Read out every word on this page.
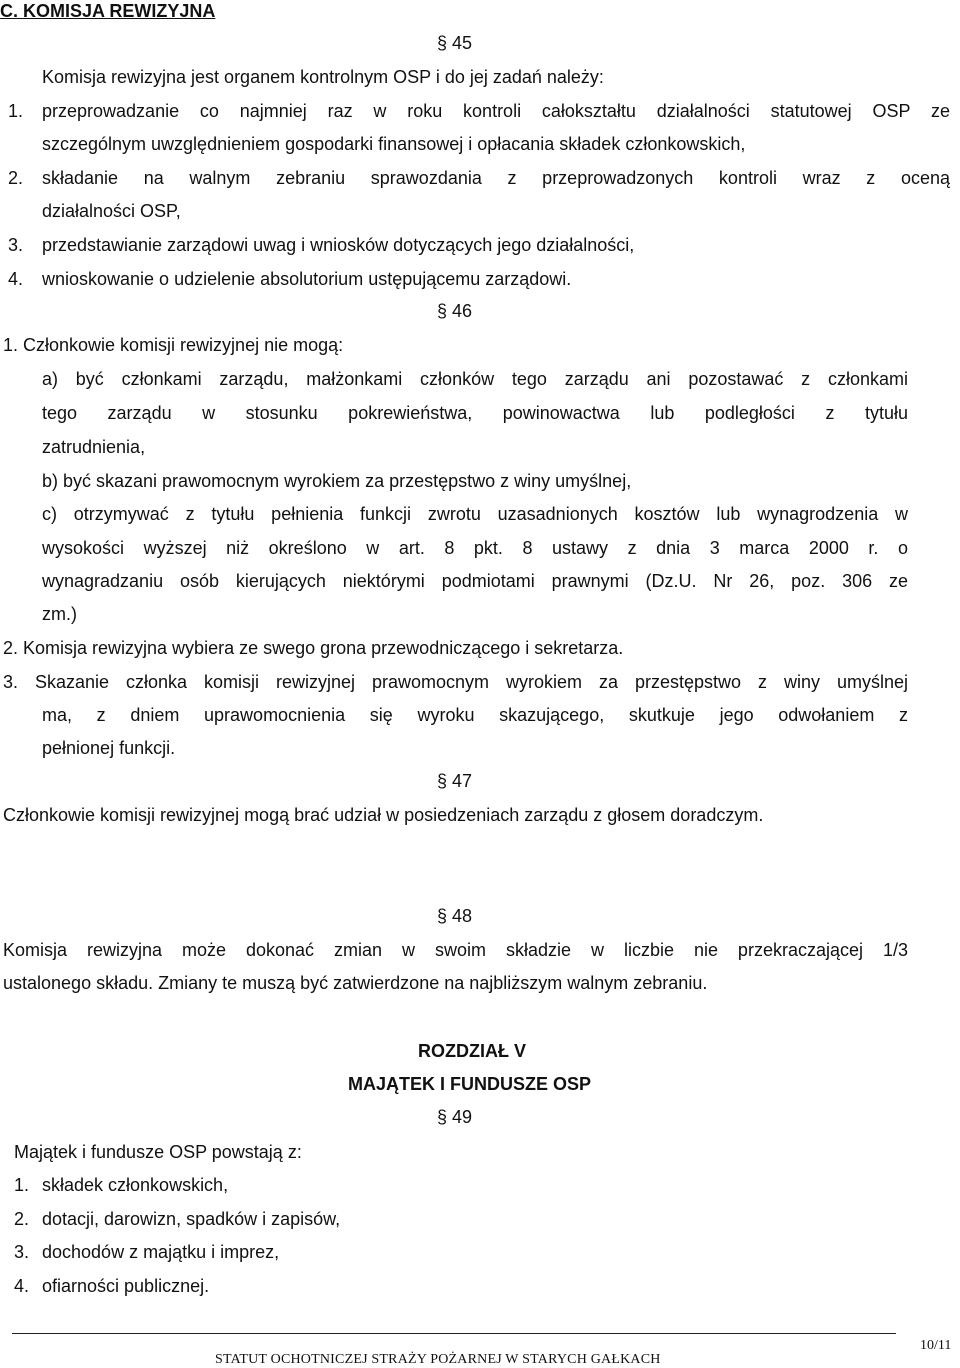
C. KOMISJA REWIZYJNA
§ 45
Komisja rewizyjna jest organem kontrolnym OSP i do jej zadań należy:
1.	przeprowadzanie co najmniej raz w roku kontroli całokształtu działalności statutowej OSP ze
szczególnym uwzględnieniem gospodarki finansowej i opłacania składek członkowskich,
2.	składanie na walnym zebraniu sprawozdania z przeprowadzonych kontroli wraz z oceną
działalności OSP,
3.	przedstawianie zarządowi uwag i wniosków dotyczących jego działalności,
4.	wnioskowanie o udzielenie absolutorium ustępującemu zarządowi.
§ 46
1. Członkowie komisji rewizyjnej nie mogą:
a) być członkami zarządu, małżonkami członków tego zarządu ani pozostawać z członkami
tego zarządu w stosunku pokrewieństwa, powinowactwa lub podległości z tytułu
zatrudnienia,
b) być skazani prawomocnym wyrokiem za przestępstwo z winy umyślnej,
c) otrzymywać z tytułu pełnienia funkcji zwrotu uzasadnionych kosztów lub wynagrodzenia w
wysokości wyższej niż określono w art. 8 pkt. 8 ustawy z dnia 3 marca 2000 r. o
wynagradzaniu osób kierujących niektórymi podmiotami prawnymi (Dz.U. Nr 26, poz. 306 ze
zm.)
2. Komisja rewizyjna wybiera ze swego grona przewodniczącego i sekretarza.
3. Skazanie członka komisji rewizyjnej prawomocnym wyrokiem za przestępstwo z winy umyślnej
ma, z dniem uprawomocnienia się wyroku skazującego, skutkuje jego odwołaniem z
pełnionej funkcji.
§ 47
Członkowie komisji rewizyjnej mogą brać udział w posiedzeniach zarządu z głosem doradczym.
§ 48
Komisja rewizyjna może dokonać zmian w swoim składzie w liczbie nie przekraczającej 1/3
ustalonego składu. Zmiany te muszą być zatwierdzone na najbliższym walnym zebraniu.
ROZDZIAŁ V
MAJĄTEK I FUNDUSZE OSP
§ 49
Majątek i fundusze OSP powstają z:
1. składek członkowskich,
2. dotacji, darowizn, spadków i zapisów,
3. dochodów z majątku i imprez,
4. ofiarności publicznej.
STATUT OCHOTNICZEJ STRAŻY POŻARNEJ W STARYCH GAŁKACH
10/11
